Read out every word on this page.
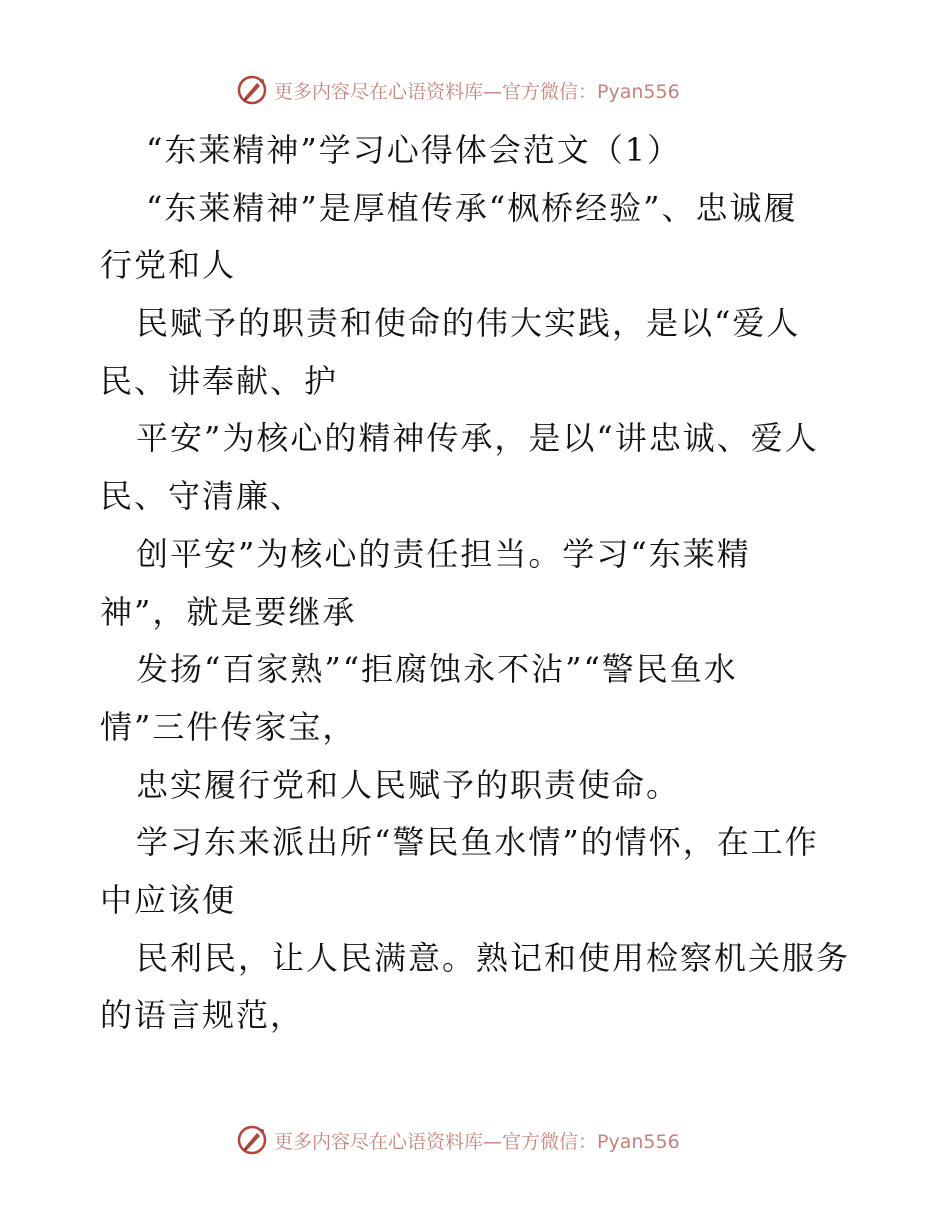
更多内容尽在心语资料库—官方微信：Pyan556
“东莱精神”学习心得体会范文（1）
“东莱精神”是厚植传承“枫桥经验”、忠诚履
行党和人
民赋予的职责和使命的伟大实践，是以“爱人
民、讲奉献、护
平安”为核心的精神传承，是以“讲忠诚、爱人
民、守清廉、
创平安”为核心的责任担当。学习“东莱精
神”，就是要继承
发扬“百家熟”“拒腐蚀永不沾”“警民鱼水
情”三件传家宝，
忠实履行党和人民赋予的职责使命。
学习东来派出所“警民鱼水情”的情怀，在工作
中应该便
民利民，让人民满意。熟记和使用检察机关服务
的语言规范，
更多内容尽在心语资料库—官方微信：Pyan556
